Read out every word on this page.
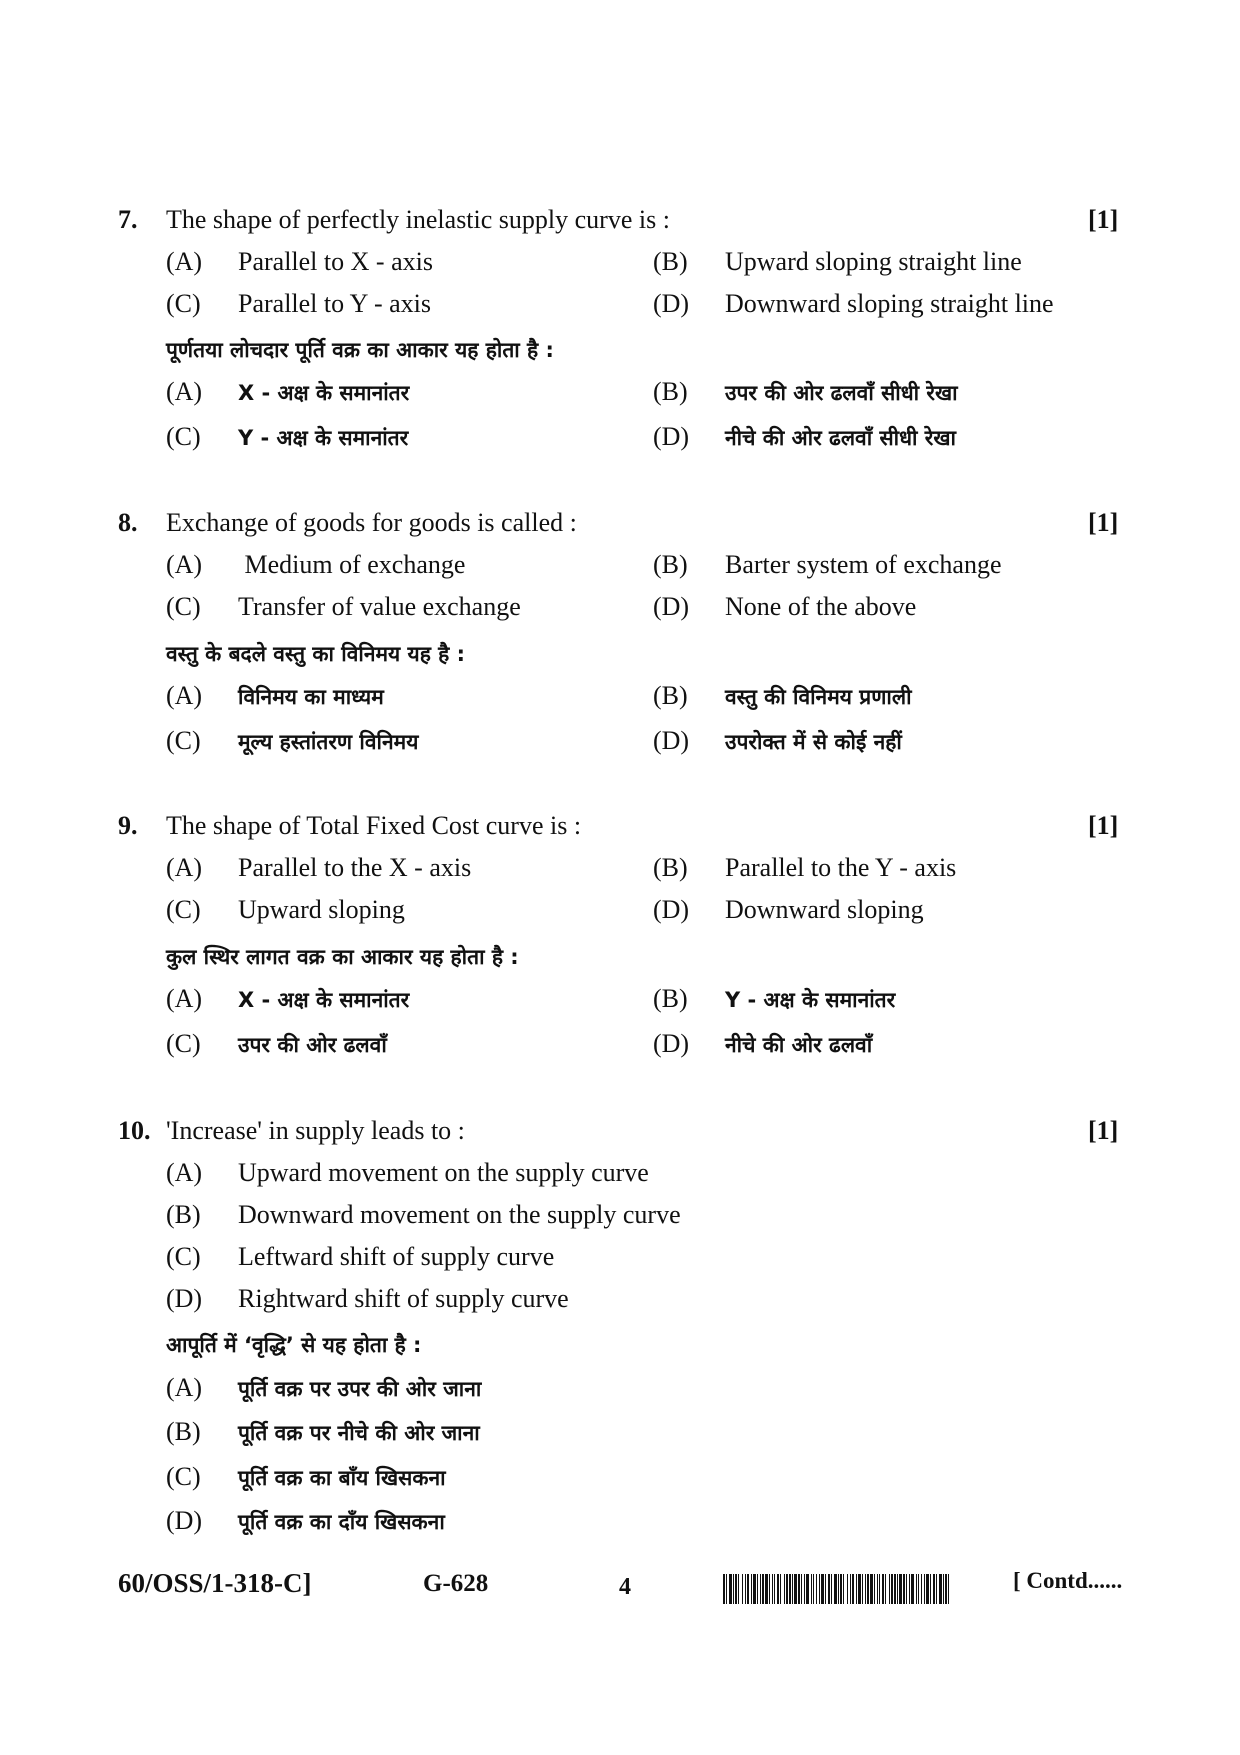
7. The shape of perfectly inelastic supply curve is :	[1]
(A) Parallel to X - axis	(B) Upward sloping straight line
(C) Parallel to Y - axis	(D) Downward sloping straight line
पूर्णतया लोचदार पूर्ति वक्र का आकार यह होता है :
(A) X - अक्ष के समानांतर	(B) उपर की ओर ढलवाँ सीधी रेखा
(C) Y - अक्ष के समानांतर	(D) नीचे की ओर ढलवाँ सीधी रेखा
8. Exchange of goods for goods is called :	[1]
(A) Medium of exchange	(B) Barter system of exchange
(C) Transfer of value exchange	(D) None of the above
वस्तु के बदले वस्तु का विनिमय यह है :
(A) विनिमय का माध्यम	(B) वस्तु की विनिमय प्रणाली
(C) मूल्य हस्तांतरण विनिमय	(D) उपरोक्त में से कोई नहीं
9. The shape of Total Fixed Cost curve is :	[1]
(A) Parallel to the X - axis	(B) Parallel to the Y - axis
(C) Upward sloping	(D) Downward sloping
कुल स्थिर लागत वक्र का आकार यह होता है :
(A) X - अक्ष के समानांतर	(B) Y - अक्ष के समानांतर
(C) उपर की ओर ढलवाँ	(D) नीचे की ओर ढलवाँ
10. 'Increase' in supply leads to :	[1]
(A) Upward movement on the supply curve
(B) Downward movement on the supply curve
(C) Leftward shift of supply curve
(D) Rightward shift of supply curve
आपूर्ति में ‘वृद्धि’ से यह होता है :
(A) पूर्ति वक्र पर उपर की ओर जाना
(B) पूर्ति वक्र पर नीचे की ओर जाना
(C) पूर्ति वक्र का बाँय खिसकना
(D) पूर्ति वक्र का दाँय खिसकना
60/OSS/1-318-C]	G-628	4	[ Contd......
